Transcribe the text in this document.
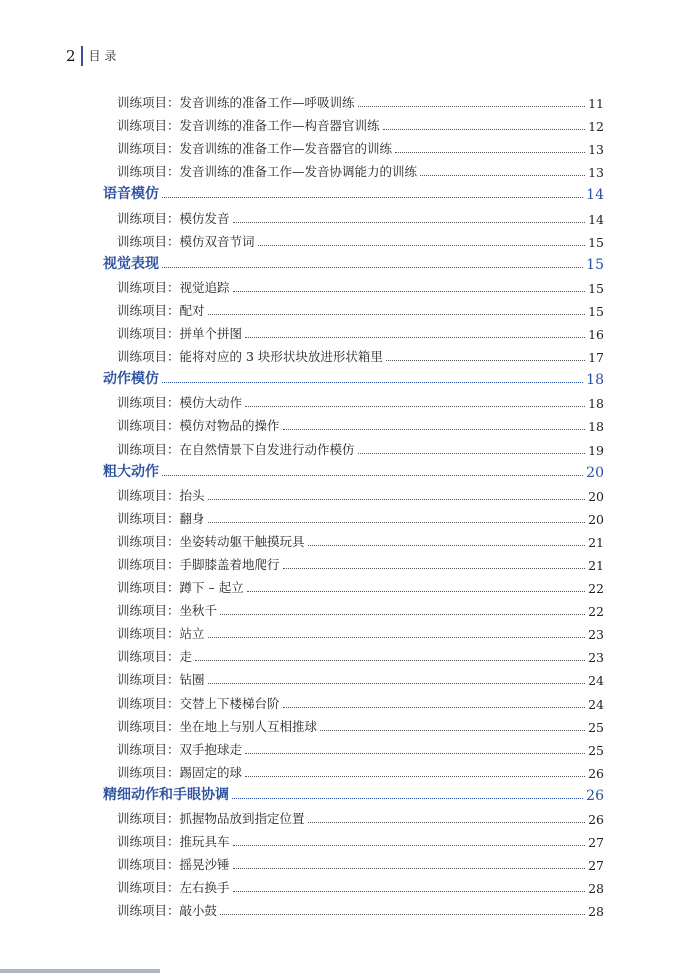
2	目 录
训练项目：发音训练的准备工作—呼吸训练	11
训练项目：发音训练的准备工作—构音器官训练	12
训练项目：发音训练的准备工作—发音器官的训练	13
训练项目：发音训练的准备工作—发音协调能力的训练	13
语音模仿	14
训练项目：模仿发音	14
训练项目：模仿双音节词	15
视觉表现	15
训练项目：视觉追踪	15
训练项目：配对	15
训练项目：拼单个拼图	16
训练项目：能将对应的 3 块形状块放进形状箱里	17
动作模仿	18
训练项目：模仿大动作	18
训练项目：模仿对物品的操作	18
训练项目：在自然情景下自发进行动作模仿	19
粗大动作	20
训练项目：抬头	20
训练项目：翻身	20
训练项目：坐姿转动躯干触摸玩具	21
训练项目：手脚膝盖着地爬行	21
训练项目：蹲下 – 起立	22
训练项目：坐秋千	22
训练项目：站立	23
训练项目：走	23
训练项目：钻圈	24
训练项目：交替上下楼梯台阶	24
训练项目：坐在地上与别人互相推球	25
训练项目：双手抱球走	25
训练项目：踢固定的球	26
精细动作和手眼协调	26
训练项目：抓握物品放到指定位置	26
训练项目：推玩具车	27
训练项目：摇晃沙锤	27
训练项目：左右换手	28
训练项目：敲小鼓	28
